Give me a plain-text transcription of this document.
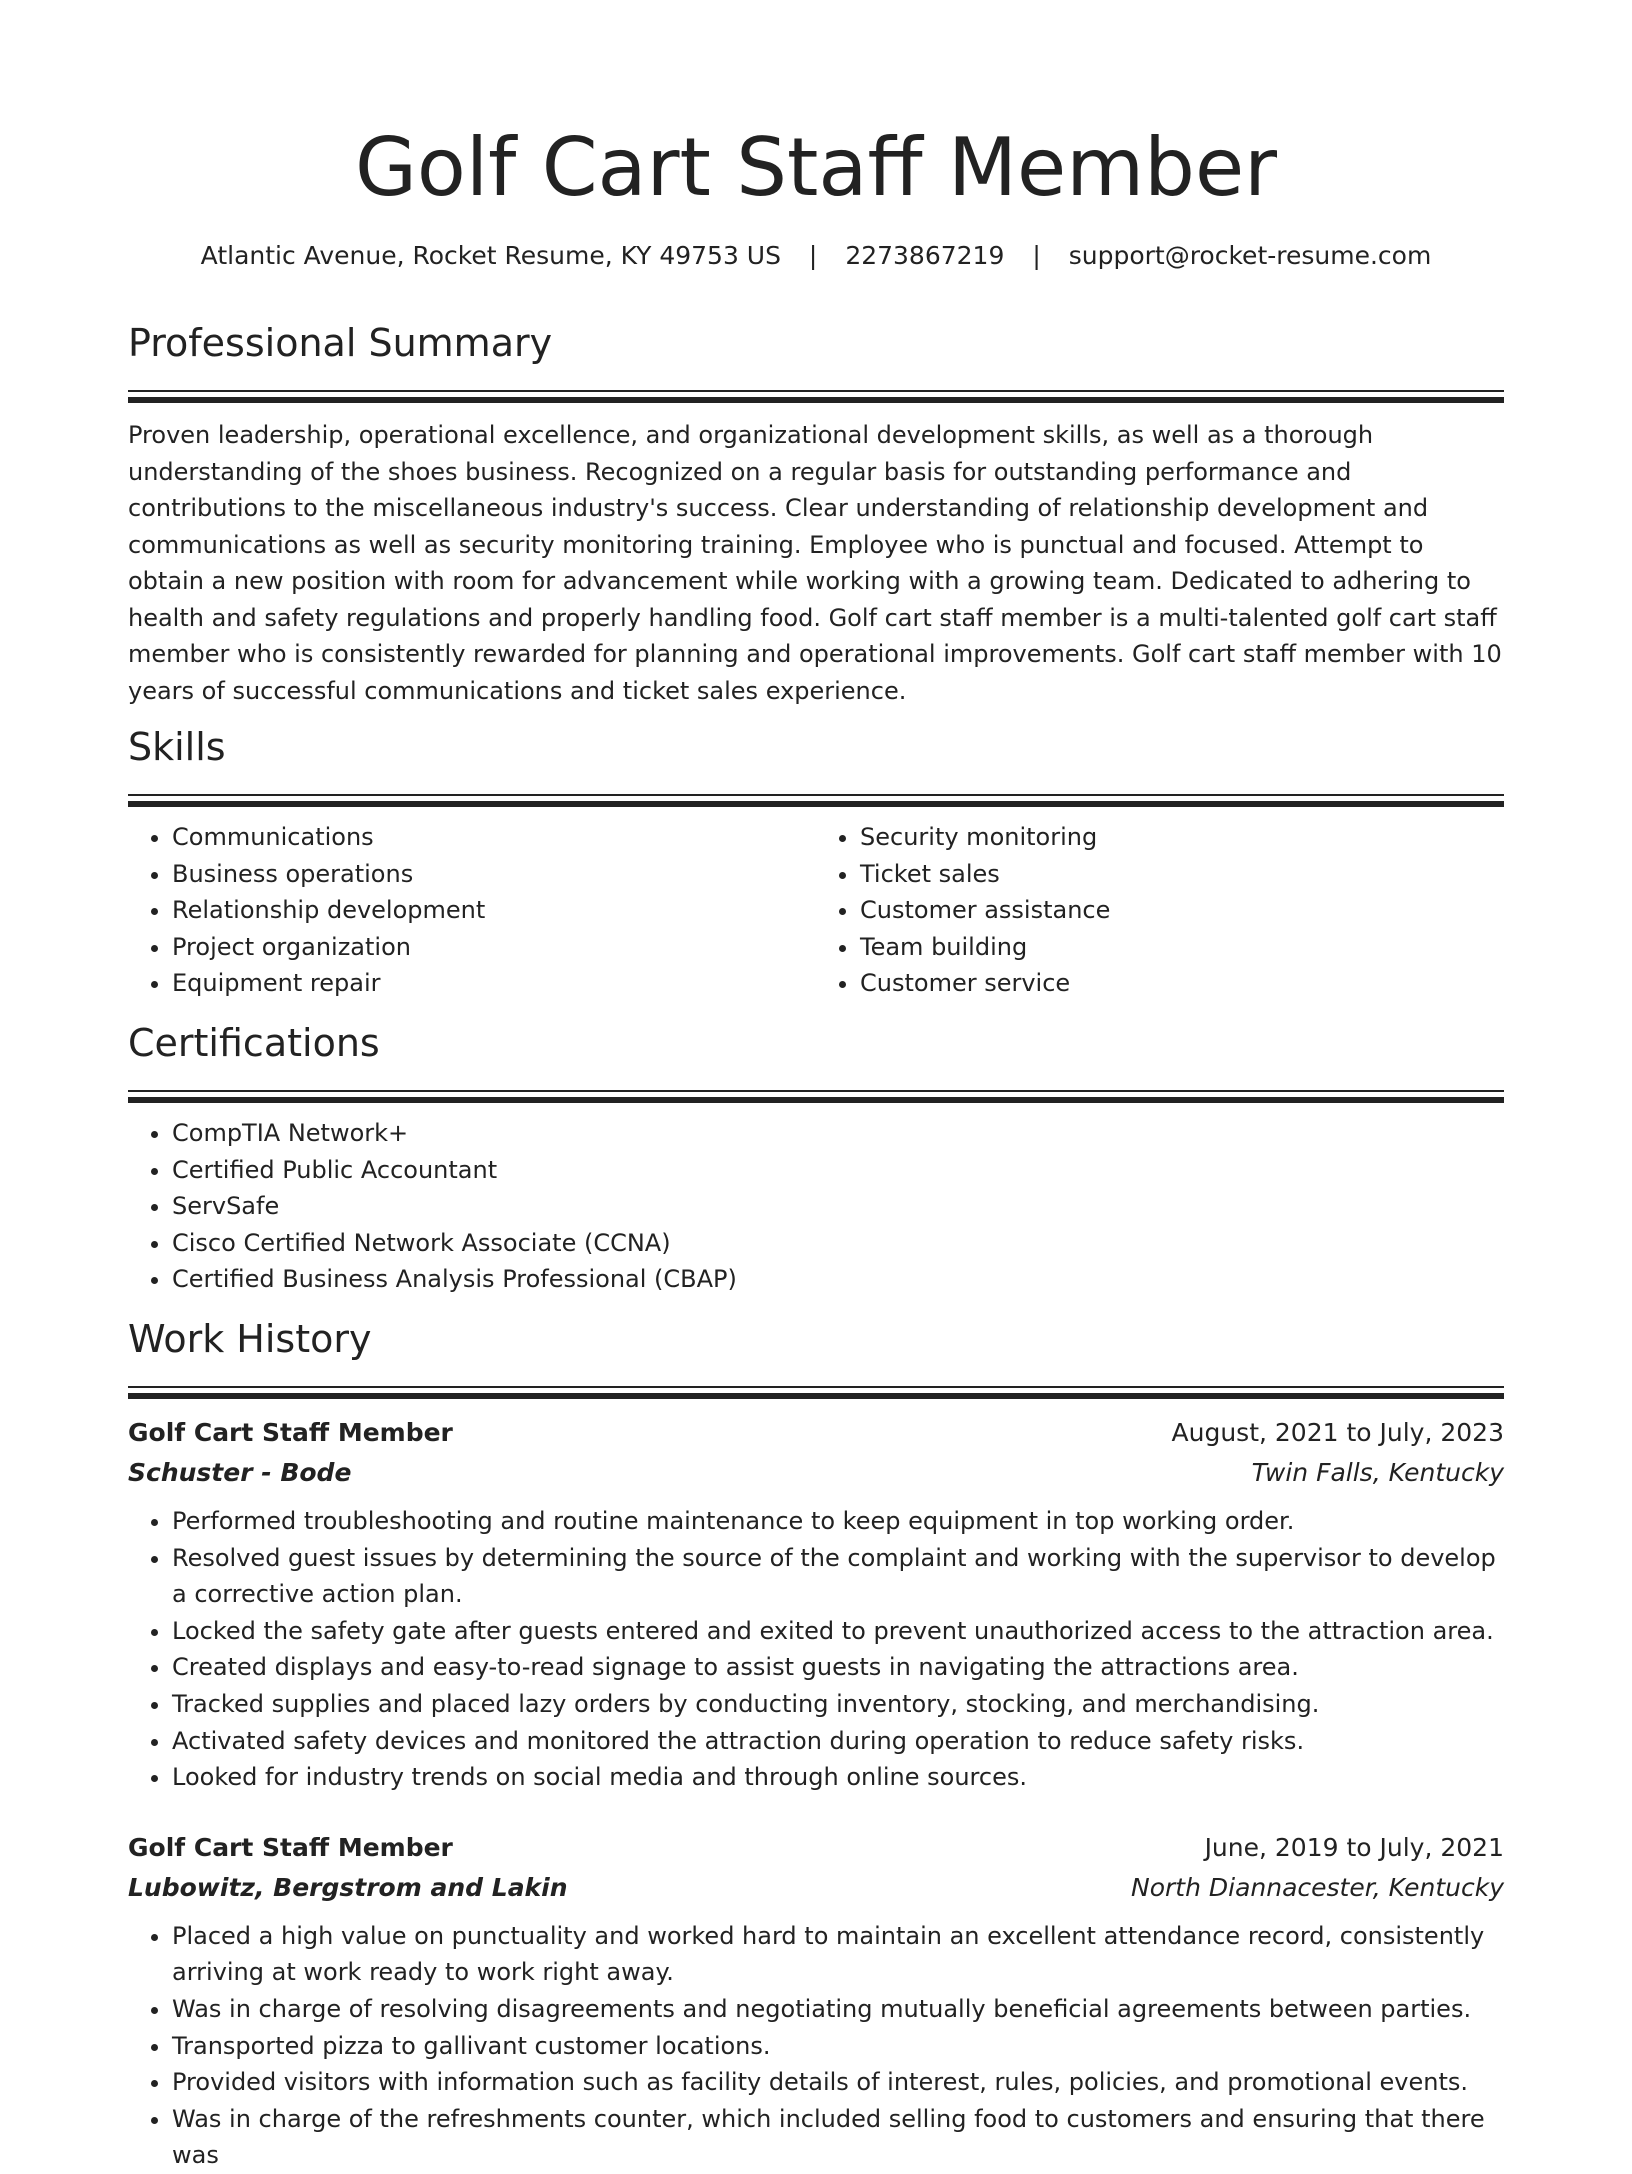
Golf Cart Staff Member
Atlantic Avenue, Rocket Resume, KY 49753 US | 2273867219 | support@rocket-resume.com
Professional Summary
Proven leadership, operational excellence, and organizational development skills, as well as a thorough understanding of the shoes business. Recognized on a regular basis for outstanding performance and contributions to the miscellaneous industry's success. Clear understanding of relationship development and communications as well as security monitoring training. Employee who is punctual and focused. Attempt to obtain a new position with room for advancement while working with a growing team. Dedicated to adhering to health and safety regulations and properly handling food. Golf cart staff member is a multi-talented golf cart staff member who is consistently rewarded for planning and operational improvements. Golf cart staff member with 10 years of successful communications and ticket sales experience.
Skills
• Communications
• Business operations
• Relationship development
• Project organization
• Equipment repair
• Security monitoring
• Ticket sales
• Customer assistance
• Team building
• Customer service
Certifications
• CompTIA Network+
• Certified Public Accountant
• ServSafe
• Cisco Certified Network Associate (CCNA)
• Certified Business Analysis Professional (CBAP)
Work History
Golf Cart Staff Member	August, 2021 to July, 2023
Schuster - Bode	Twin Falls, Kentucky
• Performed troubleshooting and routine maintenance to keep equipment in top working order.
• Resolved guest issues by determining the source of the complaint and working with the supervisor to develop a corrective action plan.
• Locked the safety gate after guests entered and exited to prevent unauthorized access to the attraction area.
• Created displays and easy-to-read signage to assist guests in navigating the attractions area.
• Tracked supplies and placed lazy orders by conducting inventory, stocking, and merchandising.
• Activated safety devices and monitored the attraction during operation to reduce safety risks.
• Looked for industry trends on social media and through online sources.
Golf Cart Staff Member	June, 2019 to July, 2021
Lubowitz, Bergstrom and Lakin	North Diannacester, Kentucky
• Placed a high value on punctuality and worked hard to maintain an excellent attendance record, consistently arriving at work ready to work right away.
• Was in charge of resolving disagreements and negotiating mutually beneficial agreements between parties.
• Transported pizza to gallivant customer locations.
• Provided visitors with information such as facility details of interest, rules, policies, and promotional events.
• Was in charge of the refreshments counter, which included selling food to customers and ensuring that there was
